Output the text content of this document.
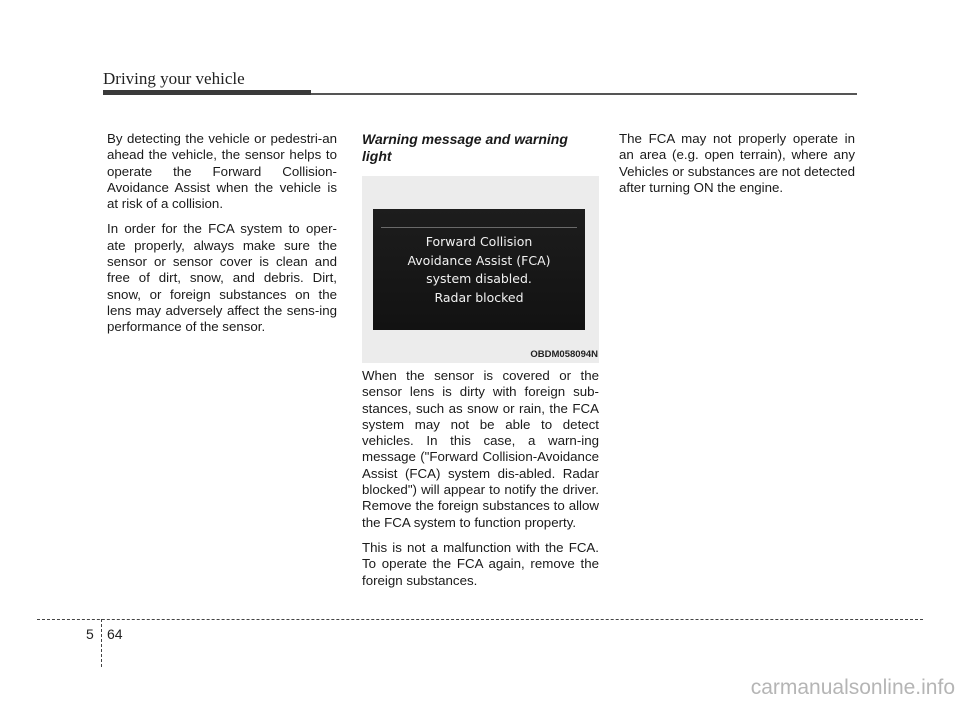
Driving your vehicle

By detecting the vehicle or pedestri-an ahead the vehicle, the sensor helps to operate the Forward Collision-Avoidance Assist when the vehicle is at risk of a collision.

In order for the FCA system to oper-ate properly, always make sure the sensor or sensor cover is clean and free of dirt, snow, and debris. Dirt, snow, or foreign substances on the lens may adversely affect the sens-ing performance of the sensor.

Warning message and warning light
Forward Collision
Avoidance Assist (FCA)
system disabled.
Radar blocked
OBDM058094N

When the sensor is covered or the sensor lens is dirty with foreign sub-stances, such as snow or rain, the FCA system may not be able to detect vehicles. In this case, a warn-ing message ("Forward Collision-Avoidance Assist (FCA) system dis-abled. Radar blocked") will appear to notify the driver. Remove the foreign substances to allow the FCA system to function property.

This is not a malfunction with the FCA. To operate the FCA again, remove the foreign substances.

The FCA may not properly operate in an area (e.g. open terrain), where any Vehicles or substances are not detected after turning ON the engine.

5 64
carmanualsonline.info
